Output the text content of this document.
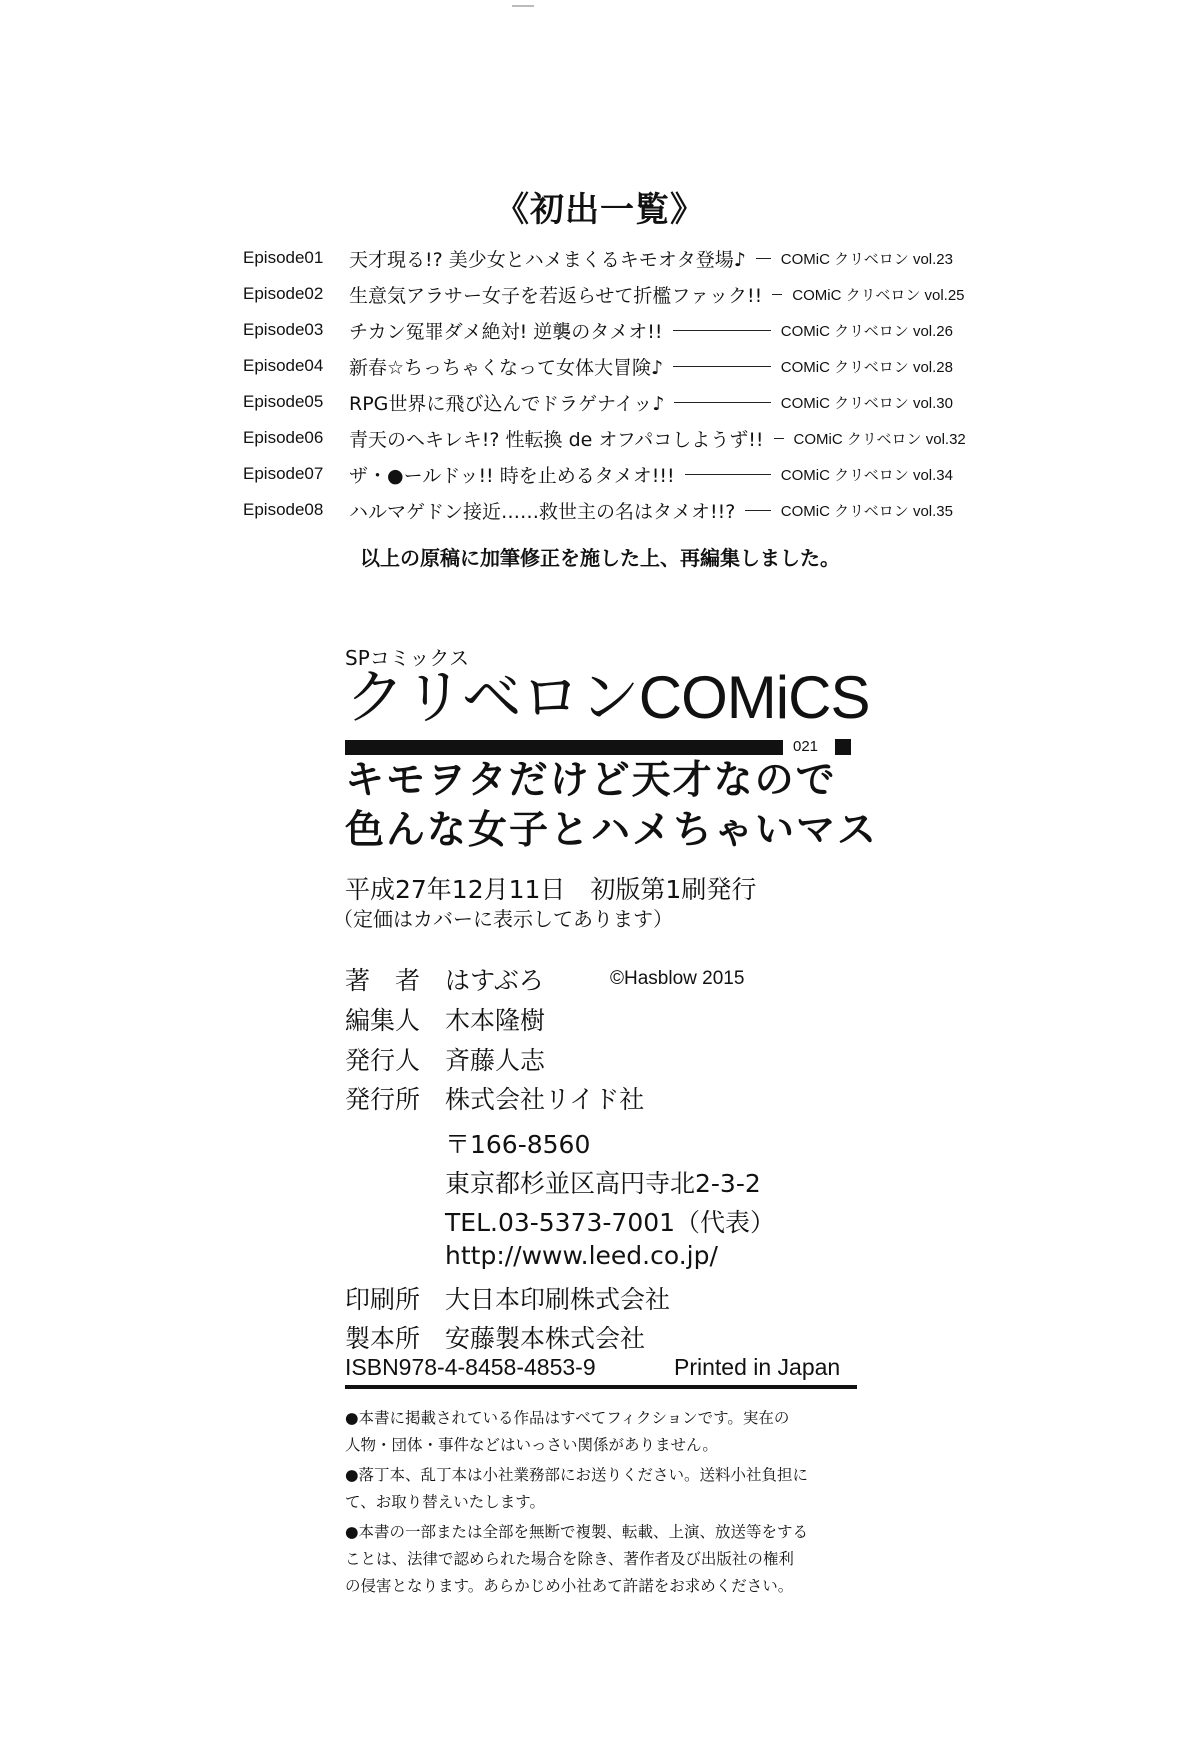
《初出一覧》
Episode01	天才現る!? 美少女とハメまくるキモオタ登場♪ COMiC クリベロン vol.23
Episode02	生意気アラサー女子を若返らせて折檻ファック!! COMiC クリベロン vol.25
Episode03	チカン冤罪ダメ絶対! 逆襲のタメオ!!	COMiC クリベロン vol.26
Episode04	新春☆ちっちゃくなって女体大冒険♪	COMiC クリベロン vol.28
Episode05	RPG世界に飛び込んでドラゲナイッ♪	COMiC クリベロン vol.30
Episode06	青天のヘキレキ!? 性転換 de オフパコしようず!! COMiC クリベロン vol.32
Episode07	ザ・●ールドッ!! 時を止めるタメオ!!!	COMiC クリベロン vol.34
Episode08	ハルマゲドン接近……救世主の名はタメオ!!?	COMiC クリベロン vol.35
以上の原稿に加筆修正を施した上、再編集しました。
SPコミックス
クリベロンCOMiCS
021
キモヲタだけど天才なので
色んな女子とハメちゃいマス
平成27年12月11日　初版第1刷発行
（定価はカバーに表示してあります）
著　者 はすぶろ	©Hasblow 2015
編集人 木本隆樹
発行人 斉藤人志
発行所 株式会社リイド社
〒166-8560
東京都杉並区高円寺北2-3-2
TEL.03-5373-7001（代表）
http://www.leed.co.jp/
印刷所 大日本印刷株式会社
製本所 安藤製本株式会社
ISBN978-4-8458-4853-9	Printed in Japan
●本書に掲載されている作品はすべてフィクションです。実在の
人物・団体・事件などはいっさい関係がありません。
●落丁本、乱丁本は小社業務部にお送りください。送料小社負担に
て、お取り替えいたします。
●本書の一部または全部を無断で複製、転載、上演、放送等をする
ことは、法律で認められた場合を除き、著作者及び出版社の権利
の侵害となります。あらかじめ小社あて許諾をお求めください。
